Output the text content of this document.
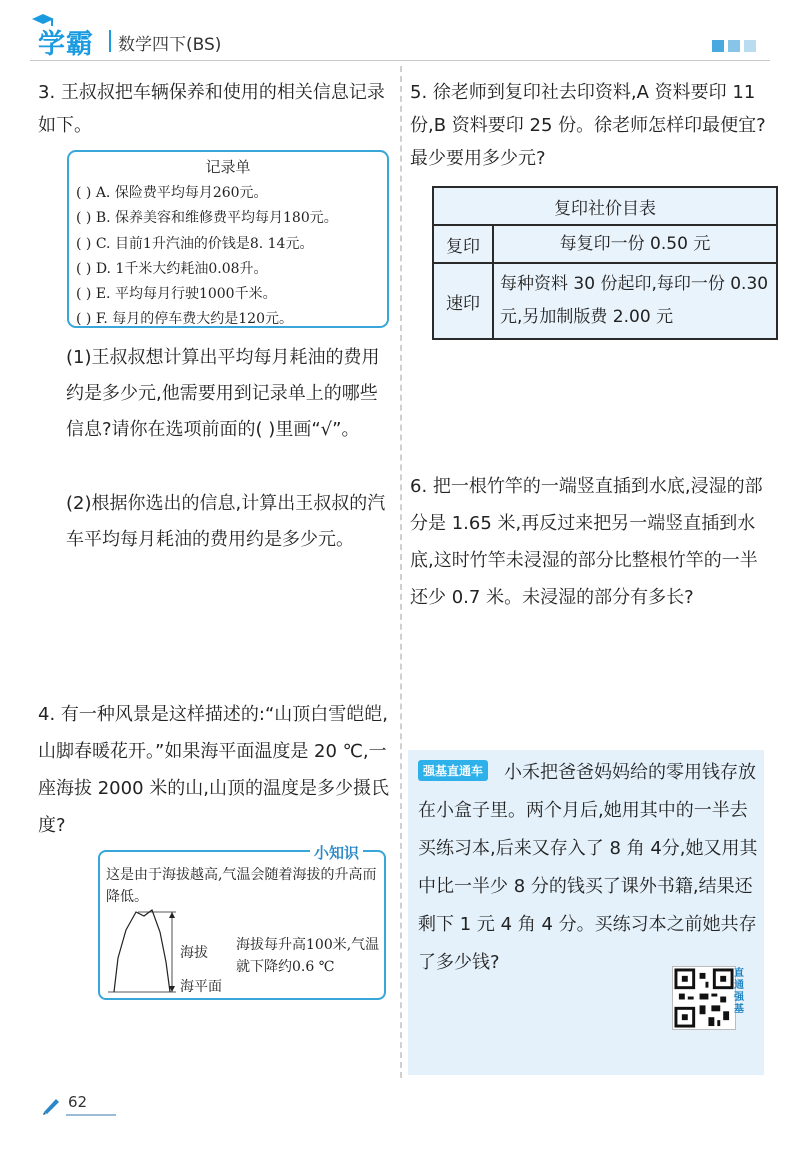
学霸 数学四下(BS)
3. 王叔叔把车辆保养和使用的相关信息记录如下。
记录单
( ) A. 保险费平均每月260元。
( ) B. 保养美容和维修费平均每月180元。
( ) C. 目前1升汽油的价钱是8. 14元。
( ) D. 1千米大约耗油0.08升。
( ) E. 平均每月行驶1000千米。
( ) F. 每月的停车费大约是120元。
(1)王叔叔想计算出平均每月耗油的费用约是多少元,他需要用到记录单上的哪些信息?请你在选项前面的( )里画“√”。
(2)根据你选出的信息,计算出王叔叔的汽车平均每月耗油的费用约是多少元。
5. 徐老师到复印社去印资料,A 资料要印 11 份,B 资料要印 25 份。徐老师怎样印最便宜?最少要用多少元?
复印社价目表	
复印	每复印一份 0.50 元
速印	每种资料 30 份起印,每印一份 0.30 元,另加制版费 2.00 元
6. 把一根竹竿的一端竖直插到水底,浸湿的部分是 1.65 米,再反过来把另一端竖直插到水底,这时竹竿未浸湿的部分比整根竹竿的一半还少 0.7 米。未浸湿的部分有多长?
4. 有一种风景是这样描述的:“山顶白雪皑皑,山脚春暖花开。”如果海平面温度是 20 ℃,一座海拔 2000 米的山,山顶的温度是多少摄氏度?
小知识
这是由于海拔越高,气温会随着海拔的升高而降低。
海拔
海平面
海拔每升高100米,气温就下降约0.6 ℃
小禾把爸爸妈妈给的零用钱存放在小盒子里。两个月后,她用其中的一半去买练习本,后来又存入了 8 角 4分,她又用其中比一半少 8 分的钱买了课外书籍,结果还剩下 1 元 4 角 4 分。买练习本之前她共存了多少钱?
强基直通车
直通强基
62
